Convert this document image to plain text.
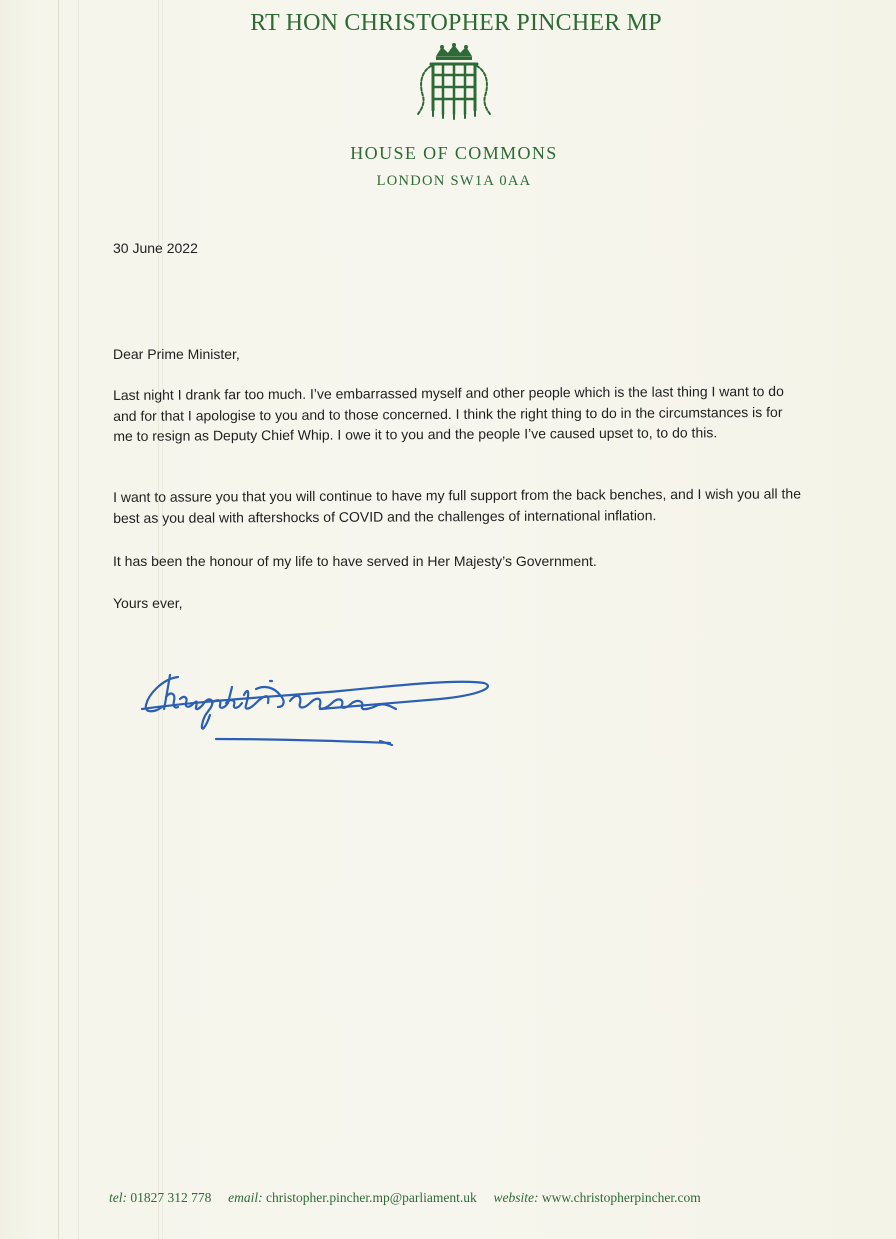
RT HON CHRISTOPHER PINCHER MP
HOUSE OF COMMONS
LONDON SW1A 0AA
30 June 2022
Dear Prime Minister,
Last night I drank far too much. I’ve embarrassed myself and other people which is the last thing I want to do and for that I apologise to you and to those concerned. I think the right thing to do in the circumstances is for me to resign as Deputy Chief Whip. I owe it to you and the people I’ve caused upset to, to do this.
I want to assure you that you will continue to have my full support from the back benches, and I wish you all the best as you deal with aftershocks of COVID and the challenges of international inflation.
It has been the honour of my life to have served in Her Majesty’s Government.
Yours ever,
tel: 01827 312 778 email: christopher.pincher.mp@parliament.uk website: www.christopherpincher.com
